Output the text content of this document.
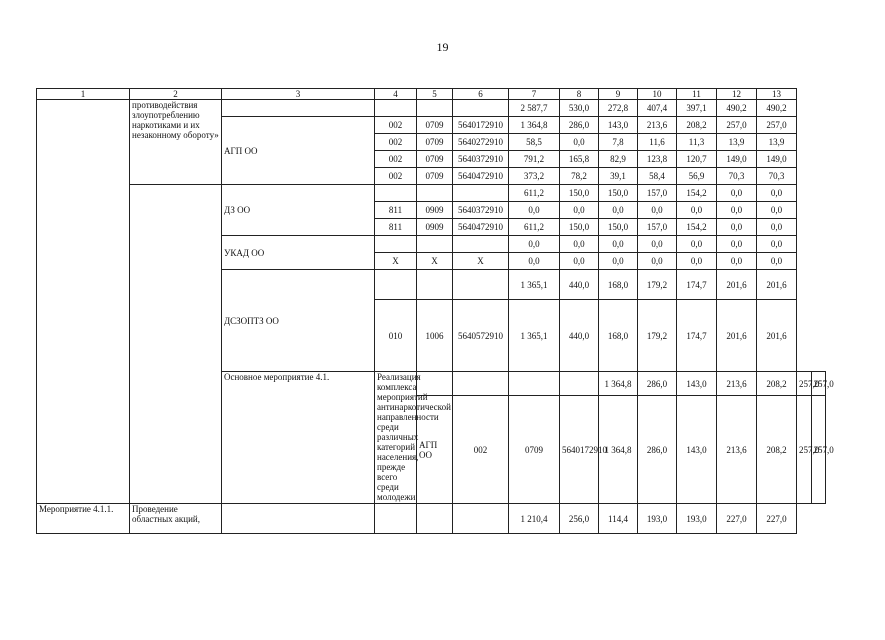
19
1	2	3	4	5	6	7	8	9	10	11	12	13		
	противодействия злоупотреблению наркотиками и их незаконному обороту»					2 587,7	530,0	272,8	407,4	397,1	490,2	490,2		
		АГП ОО	002	0709	5640172910	1 364,8	286,0	143,0	213,6	208,2	257,0	257,0		
			002	0709	5640272910	58,5	0,0	7,8	11,6	11,3	13,9	13,9		
			002	0709	5640372910	791,2	165,8	82,9	123,8	120,7	149,0	149,0		
			002	0709	5640472910	373,2	78,2	39,1	58,4	56,9	70,3	70,3		
		ДЗ ОО				611,2	150,0	150,0	157,0	154,2	0,0	0,0		
			811	0909	5640372910	0,0	0,0	0,0	0,0	0,0	0,0	0,0		
			811	0909	5640472910	611,2	150,0	150,0	157,0	154,2	0,0	0,0		
		УКАД ОО				0,0	0,0	0,0	0,0	0,0	0,0	0,0		
			X	X	X	0,0	0,0	0,0	0,0	0,0	0,0	0,0		
		ДСЗОПТЗ ОО				1 365,1	440,0	168,0	179,2	174,7	201,6	201,6		
			010	1006	5640572910	1 365,1	440,0	168,0	179,2	174,7	201,6	201,6		
		Основное мероприятие 4.1.	Реализация комплекса мероприятий антинаркотической направленности среди различных категорий населения, прежде всего среди молодежи					1 364,8	286,0	143,0	213,6	208,2	257,0	257,0
				АГП ОО	002	0709	5640172910	1 364,8	286,0	143,0	213,6	208,2	257,0	257,0
Мероприятие 4.1.1.	Проведение областных акций,					1 210,4	256,0	114,4	193,0	193,0	227,0	227,0		
